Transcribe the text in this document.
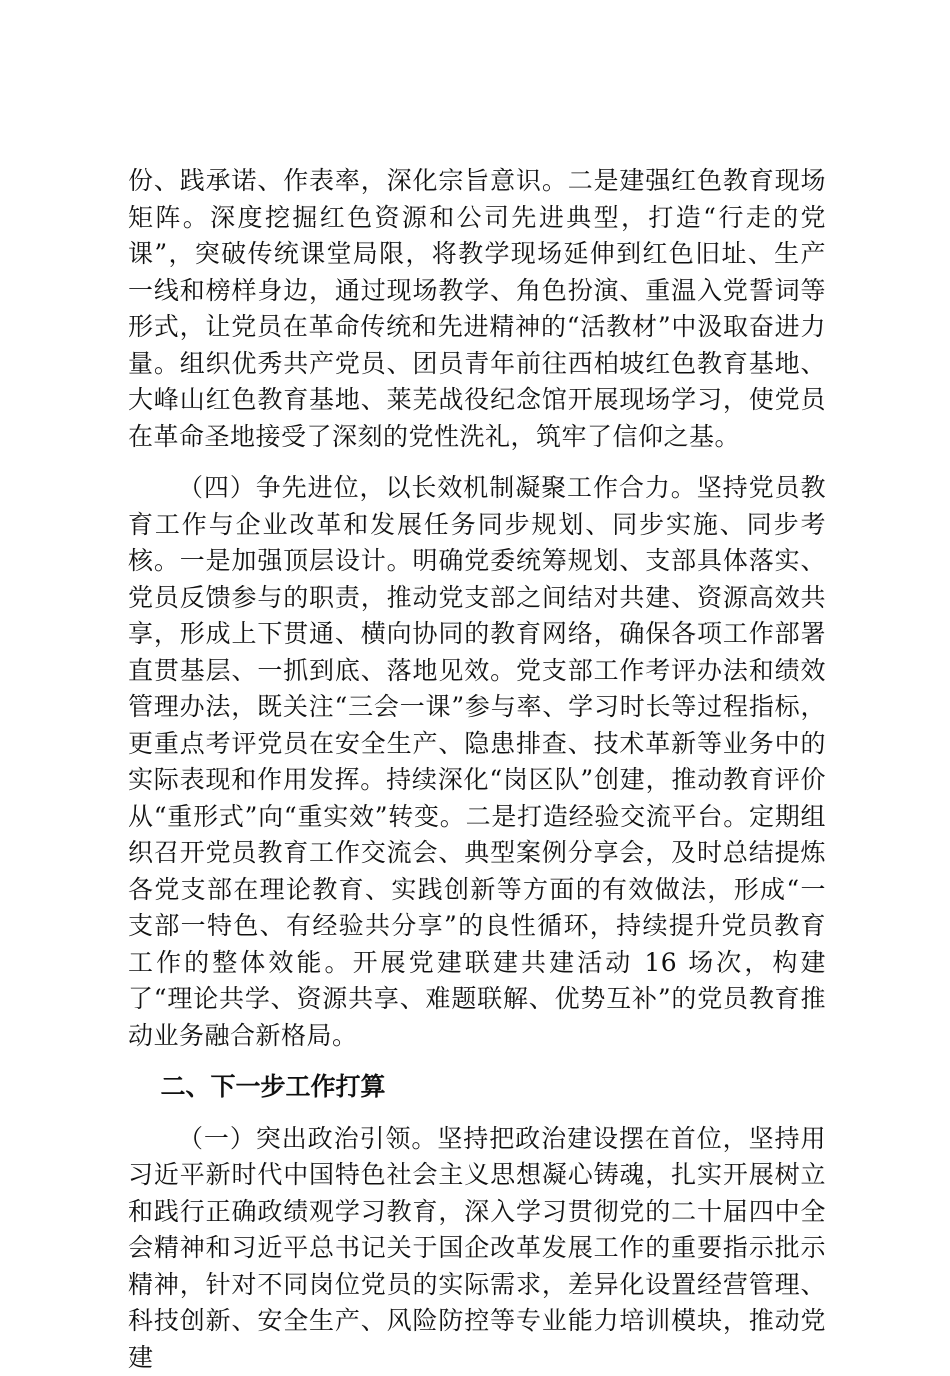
份、践承诺、作表率，深化宗旨意识。二是建强红色教育现场矩阵。深度挖掘红色资源和公司先进典型，打造“行走的党课”，突破传统课堂局限，将教学现场延伸到红色旧址、生产一线和榜样身边，通过现场教学、角色扮演、重温入党誓词等形式，让党员在革命传统和先进精神的“活教材”中汲取奋进力量。组织优秀共产党员、团员青年前往西柏坡红色教育基地、大峰山红色教育基地、莱芜战役纪念馆开展现场学习，使党员在革命圣地接受了深刻的党性洗礼，筑牢了信仰之基。

（四）争先进位，以长效机制凝聚工作合力。坚持党员教育工作与企业改革和发展任务同步规划、同步实施、同步考核。一是加强顶层设计。明确党委统筹规划、支部具体落实、党员反馈参与的职责，推动党支部之间结对共建、资源高效共享，形成上下贯通、横向协同的教育网络，确保各项工作部署直贯基层、一抓到底、落地见效。党支部工作考评办法和绩效管理办法，既关注“三会一课”参与率、学习时长等过程指标，更重点考评党员在安全生产、隐患排查、技术革新等业务中的实际表现和作用发挥。持续深化“岗区队”创建，推动教育评价从“重形式”向“重实效”转变。二是打造经验交流平台。定期组织召开党员教育工作交流会、典型案例分享会，及时总结提炼各党支部在理论教育、实践创新等方面的有效做法，形成“一支部一特色、有经验共分享”的良性循环，持续提升党员教育工作的整体效能。开展党建联建共建活动 16 场次，构建了“理论共学、资源共享、难题联解、优势互补”的党员教育推动业务融合新格局。

二、下一步工作打算

（一）突出政治引领。坚持把政治建设摆在首位，坚持用习近平新时代中国特色社会主义思想凝心铸魂，扎实开展树立和践行正确政绩观学习教育，深入学习贯彻党的二十届四中全会精神和习近平总书记关于国企改革发展工作的重要指示批示精神，针对不同岗位党员的实际需求，差异化设置经营管理、科技创新、安全生产、风险防控等专业能力培训模块，推动党建
